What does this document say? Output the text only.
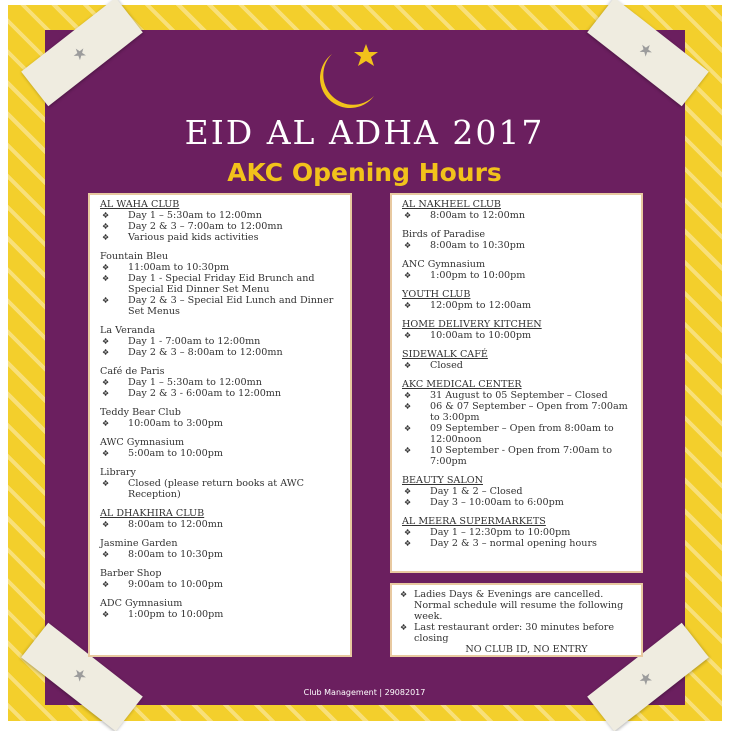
★	★
★	★
EID AL ADHA 2017
AKC Opening Hours
AL WAHA CLUB
❖	Day 1 – 5:30am to 12:00mn
❖	Day 2 & 3 – 7:00am to 12:00mn
❖	Various paid kids activities
Fountain Bleu
❖	11:00am to 10:30pm
❖	Day 1 - Special Friday Eid Brunch and Special Eid Dinner Set Menu
❖	Day 2 & 3 – Special Eid Lunch and Dinner Set Menus
La Veranda
❖	Day 1 - 7:00am to 12:00mn
❖	Day 2 & 3 – 8:00am to 12:00mn
Café de Paris
❖	Day 1 – 5:30am to 12:00mn
❖	Day 2 & 3 - 6:00am to 12:00mn
Teddy Bear Club
❖	10:00am to 3:00pm
AWC Gymnasium
❖	5:00am to 10:00pm
Library
❖	Closed (please return books at AWC Reception)
AL DHAKHIRA CLUB
❖	8:00am to 12:00mn
Jasmine Garden
❖	8:00am to 10:30pm
Barber Shop
❖	9:00am to 10:00pm
ADC Gymnasium
❖	1:00pm to 10:00pm
AL NAKHEEL CLUB
❖	8:00am to 12:00mn
Birds of Paradise
❖	8:00am to 10:30pm
ANC Gymnasium
❖	1:00pm to 10:00pm
YOUTH CLUB
❖	12:00pm to 12:00am
HOME DELIVERY KITCHEN
❖	10:00am to 10:00pm
SIDEWALK CAFÉ
❖	Closed
AKC MEDICAL CENTER
❖	31 August to 05 September – Closed
❖	06 & 07 September – Open from 7:00am to 3:00pm
❖	09 September – Open from 8:00am to 12:00noon
❖	10 September - Open from 7:00am to 7:00pm
BEAUTY SALON
❖	Day 1 & 2 – Closed
❖	Day 3 – 10:00am to 6:00pm
AL MEERA SUPERMARKETS
❖	Day 1 – 12:30pm to 10:00pm
❖	Day 2 & 3 – normal opening hours
❖ Ladies Days & Evenings are cancelled. Normal schedule will resume the following week.
❖ Last restaurant order: 30 minutes before closing
NO CLUB ID, NO ENTRY
Club Management | 29082017
